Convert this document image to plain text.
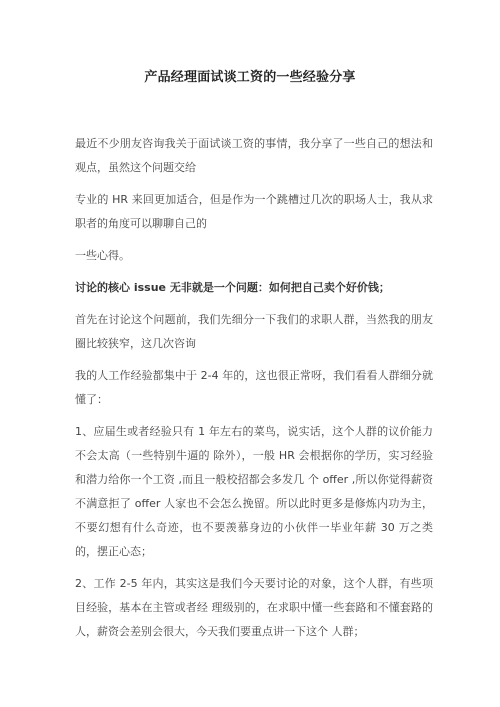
产品经理面试谈工资的一些经验分享

最近不少朋友咨询我关于面试谈工资的事情，我分享了一些自己的想法和观点，虽然这个问题交给

专业的 HR 来回更加适合，但是作为一个跳槽过几次的职场人士，我从求职者的角度可以聊聊自己的

一些心得。

讨论的核心 issue 无非就是一个问题：如何把自己卖个好价钱；

首先在讨论这个问题前，我们先细分一下我们的求职人群，当然我的朋友圈比较狭窄，这几次咨询

我的人工作经验都集中于 2-4 年的，这也很正常呀，我们看看人群细分就懂了：

1、应届生或者经验只有 1 年左右的菜鸟，说实话，这个人群的议价能力不会太高（一些特别牛逼的 除外），一般 HR 会根据你的学历，实习经验和潜力给你一个工资 ,而且一般校招都会多发几 个 offer ,所以你觉得薪资不满意拒了 offer 人家也不会怎么挽留。所以此时更多是修炼内功为主， 不要幻想有什么奇迹，也不要羡慕身边的小伙伴一毕业年薪 30 万之类的，摆正心态；

2、工作 2-5 年内，其实这是我们今天要讨论的对象，这个人群，有些项目经验，基本在主管或者经 理级别的，在求职中懂一些套路和不懂套路的人，薪资会差别会很大，今天我们要重点讲一下这个 人群；
